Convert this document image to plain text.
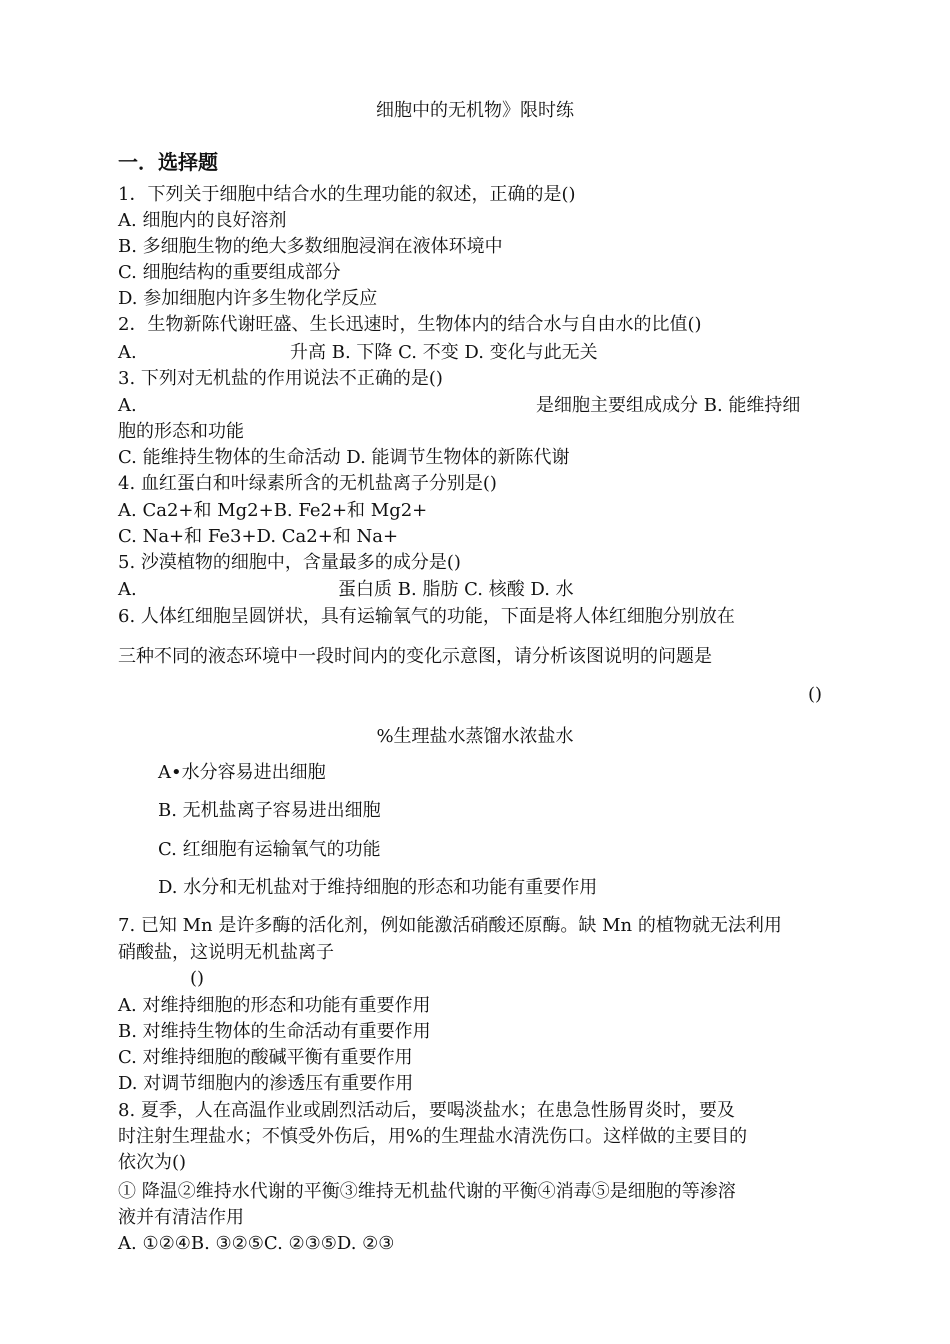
细胞中的无机物》限时练
一．选择题
1．下列关于细胞中结合水的生理功能的叙述，正确的是()
A. 细胞内的良好溶剂
B. 多细胞生物的绝大多数细胞浸润在液体环境中
C. 细胞结构的重要组成部分
D. 参加细胞内许多生物化学反应
2．生物新陈代谢旺盛、生长迅速时，生物体内的结合水与自由水的比值()
A.	升高 B. 下降 C. 不变 D. 变化与此无关
3. 下列对无机盐的作用说法不正确的是()
A.	是细胞主要组成成分 B. 能维持细
胞的形态和功能
C. 能维持生物体的生命活动 D. 能调节生物体的新陈代谢
4. 血红蛋白和叶绿素所含的无机盐离子分别是()
A. Ca2+和 Mg2+B. Fe2+和 Mg2+
C. Na+和 Fe3+D. Ca2+和 Na+
5. 沙漠植物的细胞中，含量最多的成分是()
A.	蛋白质 B. 脂肪 C. 核酸 D. 水
6. 人体红细胞呈圆饼状，具有运输氧气的功能，下面是将人体红细胞分别放在
三种不同的液态环境中一段时间内的变化示意图，请分析该图说明的问题是
()
%生理盐水蒸馏水浓盐水
A•水分容易进出细胞
B. 无机盐离子容易进出细胞
C. 红细胞有运输氧气的功能
D. 水分和无机盐对于维持细胞的形态和功能有重要作用
7. 已知 Mn 是许多酶的活化剂，例如能激活硝酸还原酶。缺 Mn 的植物就无法利用
硝酸盐，这说明无机盐离子
()
A. 对维持细胞的形态和功能有重要作用
B. 对维持生物体的生命活动有重要作用
C. 对维持细胞的酸碱平衡有重要作用
D. 对调节细胞内的渗透压有重要作用
8. 夏季，人在高温作业或剧烈活动后，要喝淡盐水；在患急性肠胃炎时，要及
时注射生理盐水；不慎受外伤后，用%的生理盐水清洗伤口。这样做的主要目的
依次为()
① 降温②维持水代谢的平衡③维持无机盐代谢的平衡④消毒⑤是细胞的等渗溶
液并有清洁作用
A. ①②④B. ③②⑤C. ②③⑤D. ②③
